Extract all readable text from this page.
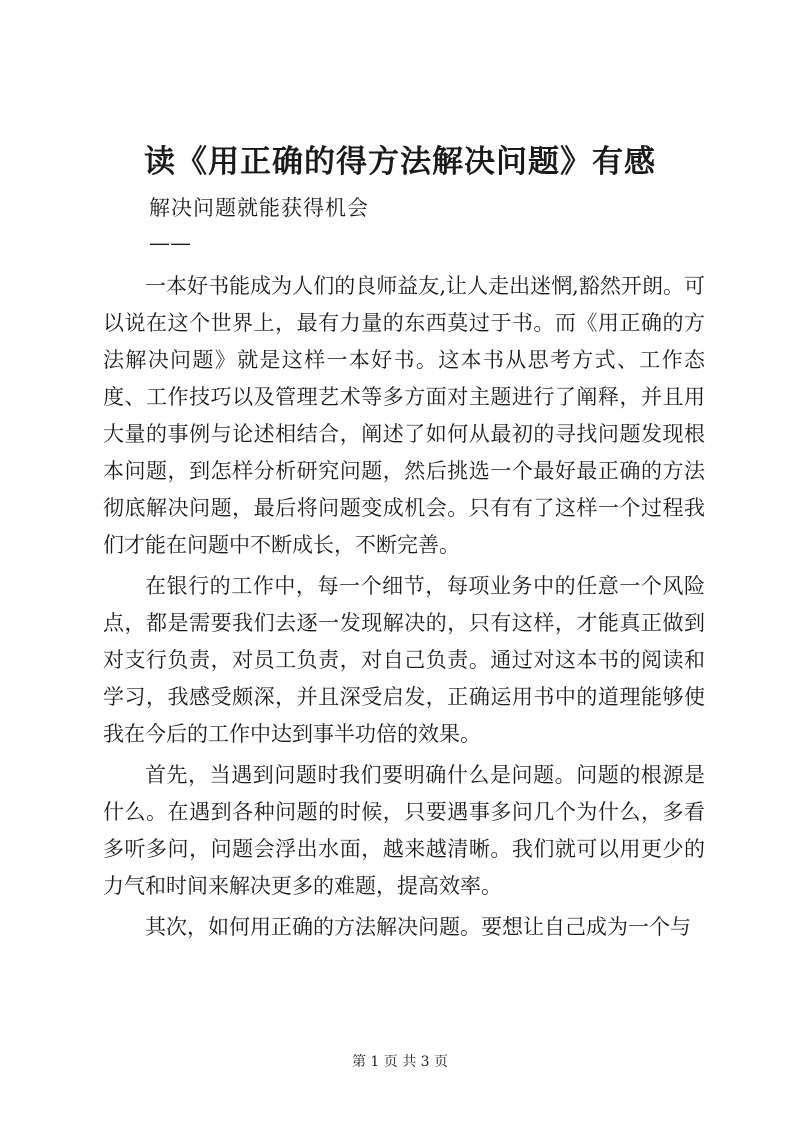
读《用正确的得方法解决问题》有感
解决问题就能获得机会
——

一本好书能成为人们的良师益友,让人走出迷惘,豁然开朗。可以说在这个世界上，最有力量的东西莫过于书。而《用正确的方法解决问题》就是这样一本好书。这本书从思考方式、工作态度、工作技巧以及管理艺术等多方面对主题进行了阐释，并且用大量的事例与论述相结合，阐述了如何从最初的寻找问题发现根本问题，到怎样分析研究问题，然后挑选一个最好最正确的方法彻底解决问题，最后将问题变成机会。只有有了这样一个过程我们才能在问题中不断成长，不断完善。

在银行的工作中，每一个细节，每项业务中的任意一个风险点，都是需要我们去逐一发现解决的，只有这样，才能真正做到对支行负责，对员工负责，对自己负责。通过对这本书的阅读和学习，我感受颇深，并且深受启发，正确运用书中的道理能够使我在今后的工作中达到事半功倍的效果。

首先，当遇到问题时我们要明确什么是问题。问题的根源是什么。在遇到各种问题的时候，只要遇事多问几个为什么，多看多听多问，问题会浮出水面，越来越清晰。我们就可以用更少的力气和时间来解决更多的难题，提高效率。

其次，如何用正确的方法解决问题。要想让自己成为一个与

第 1 页 共 3 页
